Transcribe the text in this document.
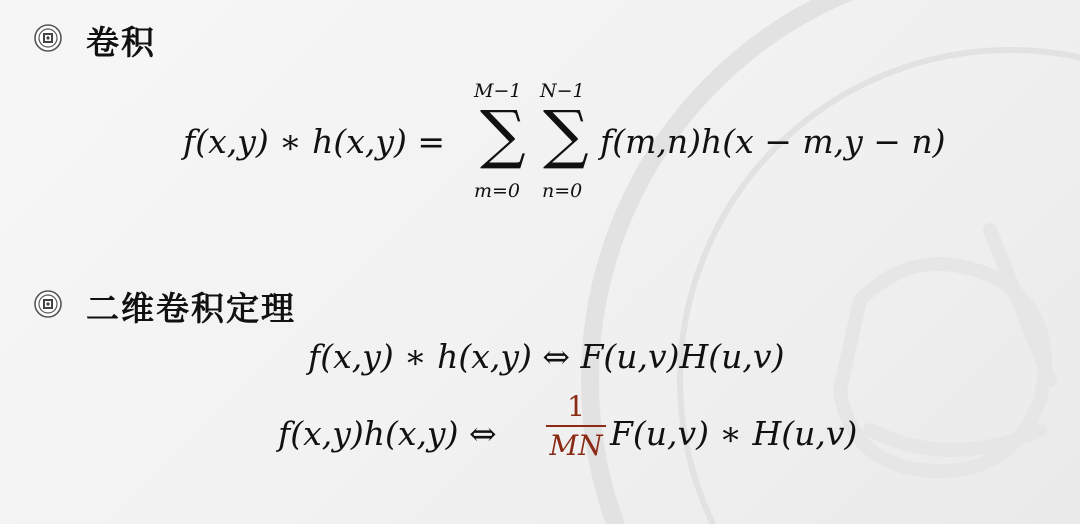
卷积
f(x,y) ∗ h(x,y) =
M−1
∑
m=0
N−1
∑
n=0
f(m,n)h(x − m,y − n)
二维卷积定理
f(x,y) ∗ h(x,y) ⇔ F(u,v)H(u,v)
f(x,y)h(x,y) ⇔
1
MN F(u,v) ∗ H(u,v)
